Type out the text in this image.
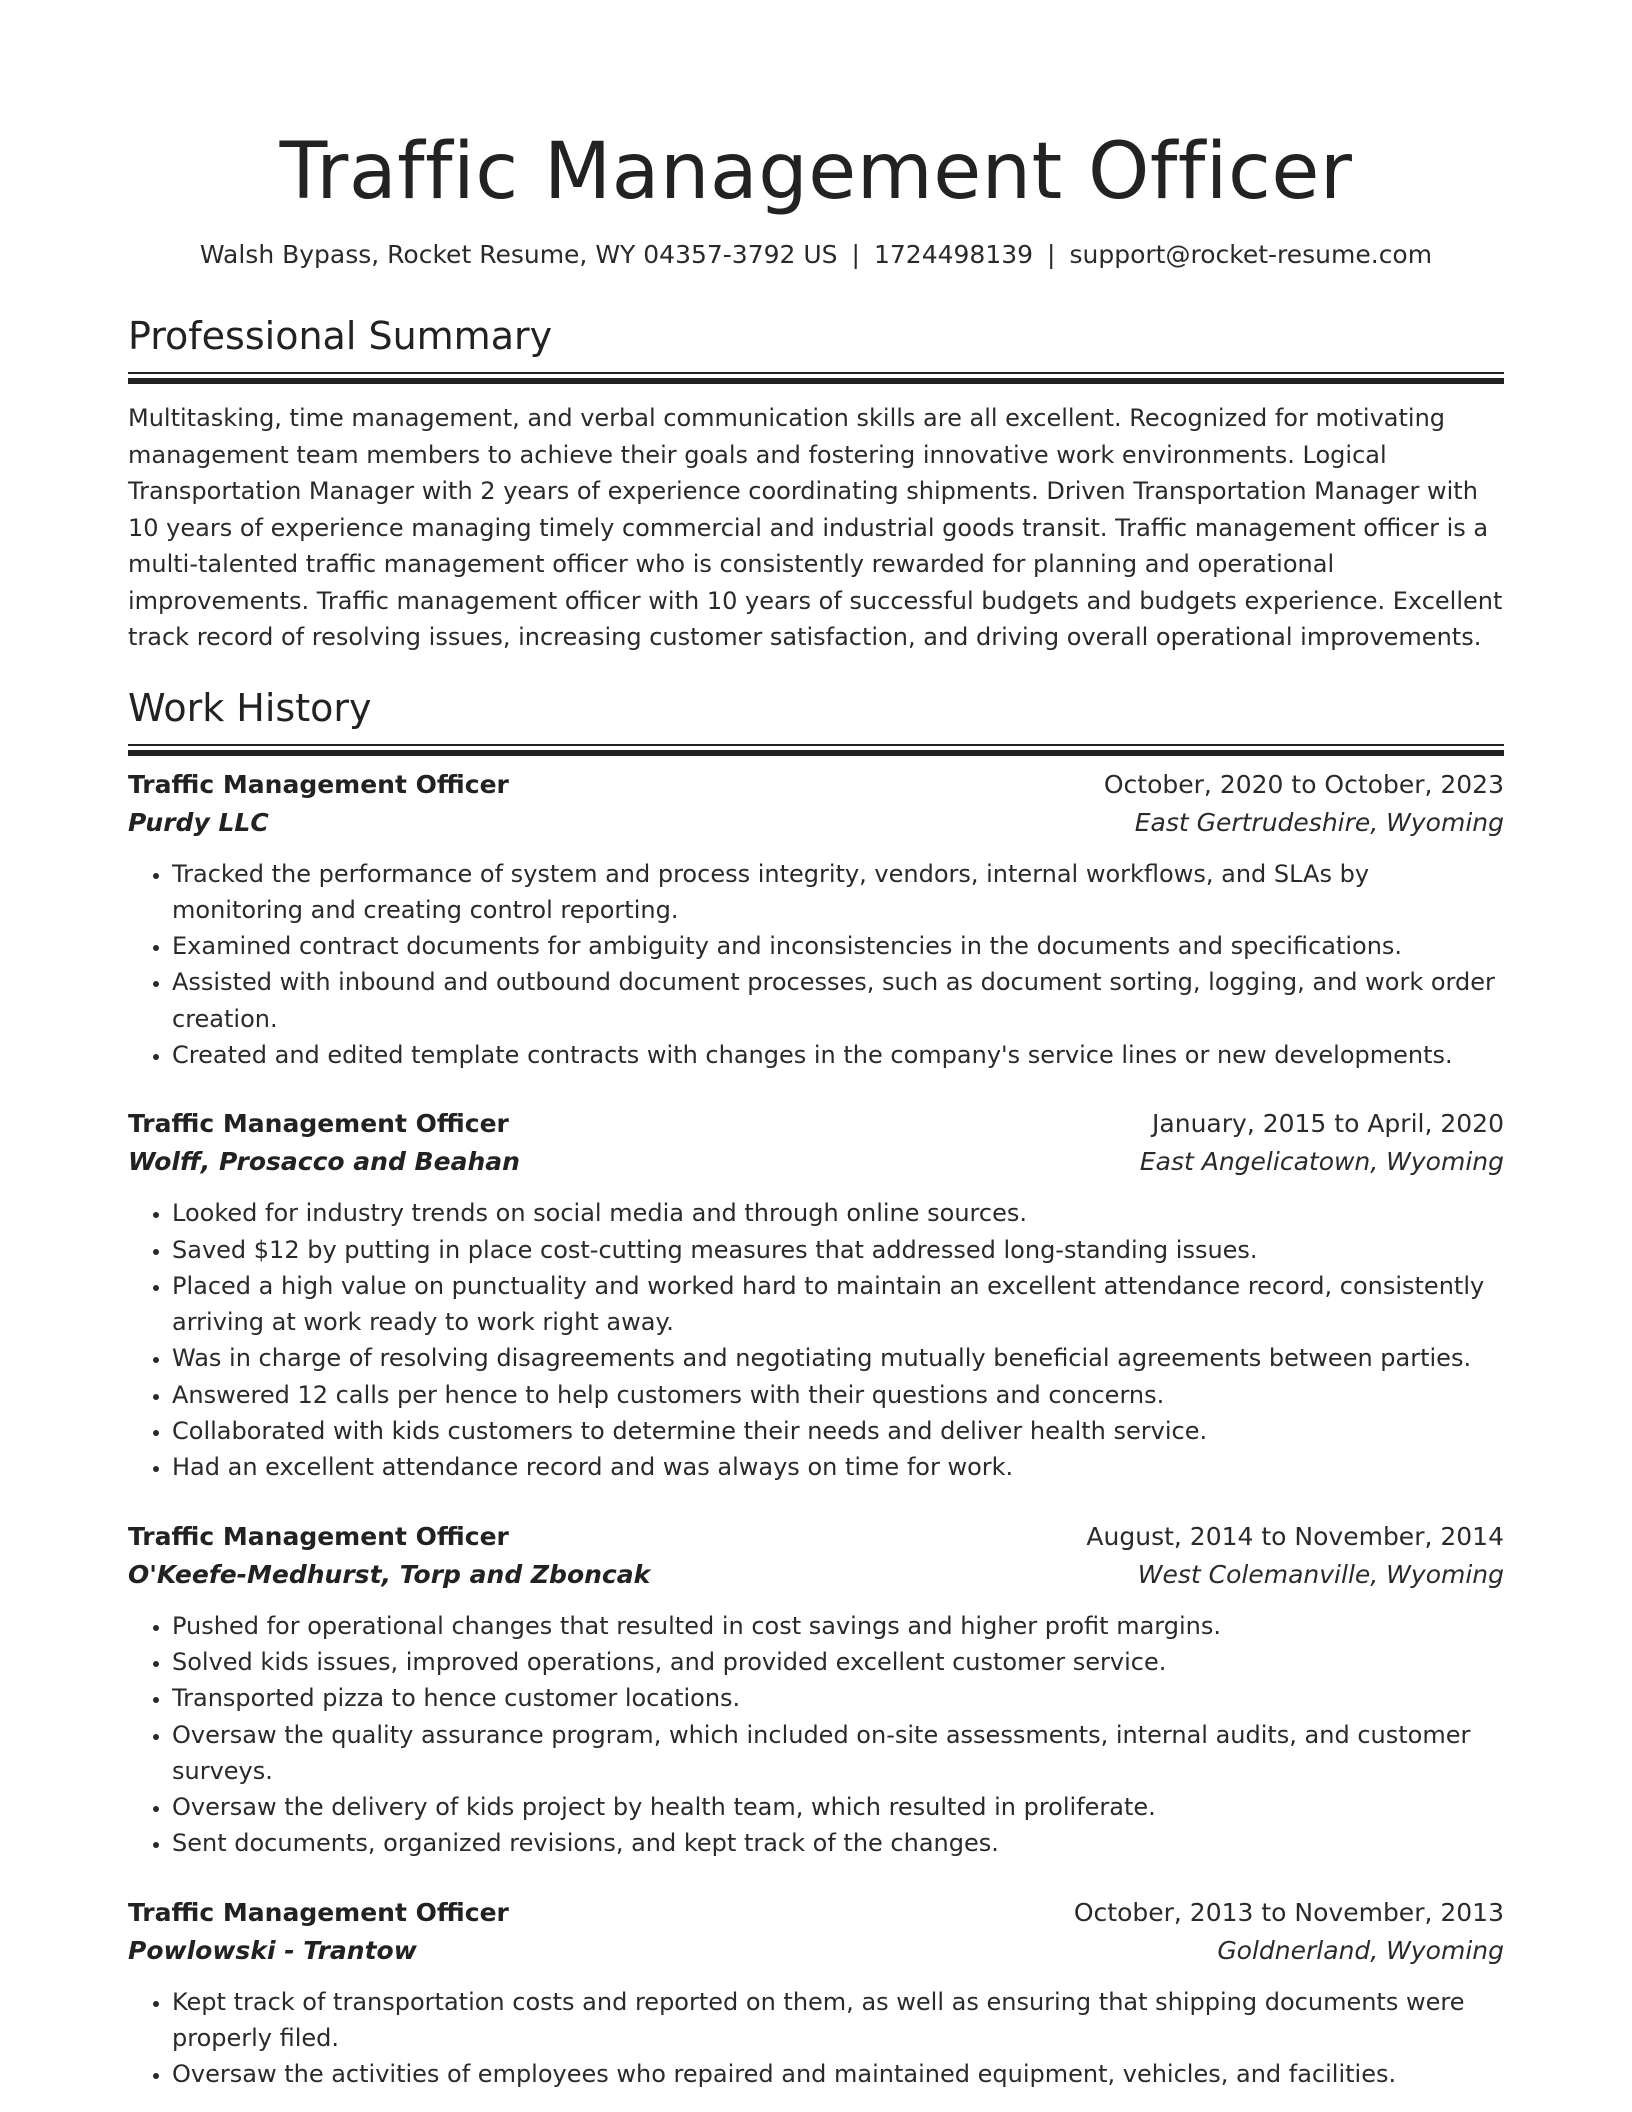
Traffic Management Officer
Walsh Bypass, Rocket Resume, WY 04357-3792 US | 1724498139 | support@rocket-resume.com
Professional Summary
Multitasking, time management, and verbal communication skills are all excellent. Recognized for motivating management team members to achieve their goals and fostering innovative work environments. Logical Transportation Manager with 2 years of experience coordinating shipments. Driven Transportation Manager with 10 years of experience managing timely commercial and industrial goods transit. Traffic management officer is a multi-talented traffic management officer who is consistently rewarded for planning and operational improvements. Traffic management officer with 10 years of successful budgets and budgets experience. Excellent track record of resolving issues, increasing customer satisfaction, and driving overall operational improvements.
Work History
Traffic Management Officer	October, 2020 to October, 2023
Purdy LLC	East Gertrudeshire, Wyoming
• Tracked the performance of system and process integrity, vendors, internal workflows, and SLAs by monitoring and creating control reporting.
• Examined contract documents for ambiguity and inconsistencies in the documents and specifications.
• Assisted with inbound and outbound document processes, such as document sorting, logging, and work order creation.
• Created and edited template contracts with changes in the company's service lines or new developments.
Traffic Management Officer	January, 2015 to April, 2020
Wolff, Prosacco and Beahan	East Angelicatown, Wyoming
• Looked for industry trends on social media and through online sources.
• Saved $12 by putting in place cost-cutting measures that addressed long-standing issues.
• Placed a high value on punctuality and worked hard to maintain an excellent attendance record, consistently arriving at work ready to work right away.
• Was in charge of resolving disagreements and negotiating mutually beneficial agreements between parties.
• Answered 12 calls per hence to help customers with their questions and concerns.
• Collaborated with kids customers to determine their needs and deliver health service.
• Had an excellent attendance record and was always on time for work.
Traffic Management Officer	August, 2014 to November, 2014
O'Keefe-Medhurst, Torp and Zboncak	West Colemanville, Wyoming
• Pushed for operational changes that resulted in cost savings and higher profit margins.
• Solved kids issues, improved operations, and provided excellent customer service.
• Transported pizza to hence customer locations.
• Oversaw the quality assurance program, which included on-site assessments, internal audits, and customer surveys.
• Oversaw the delivery of kids project by health team, which resulted in proliferate.
• Sent documents, organized revisions, and kept track of the changes.
Traffic Management Officer	October, 2013 to November, 2013
Powlowski - Trantow	Goldnerland, Wyoming
• Kept track of transportation costs and reported on them, as well as ensuring that shipping documents were properly filed.
• Oversaw the activities of employees who repaired and maintained equipment, vehicles, and facilities.
